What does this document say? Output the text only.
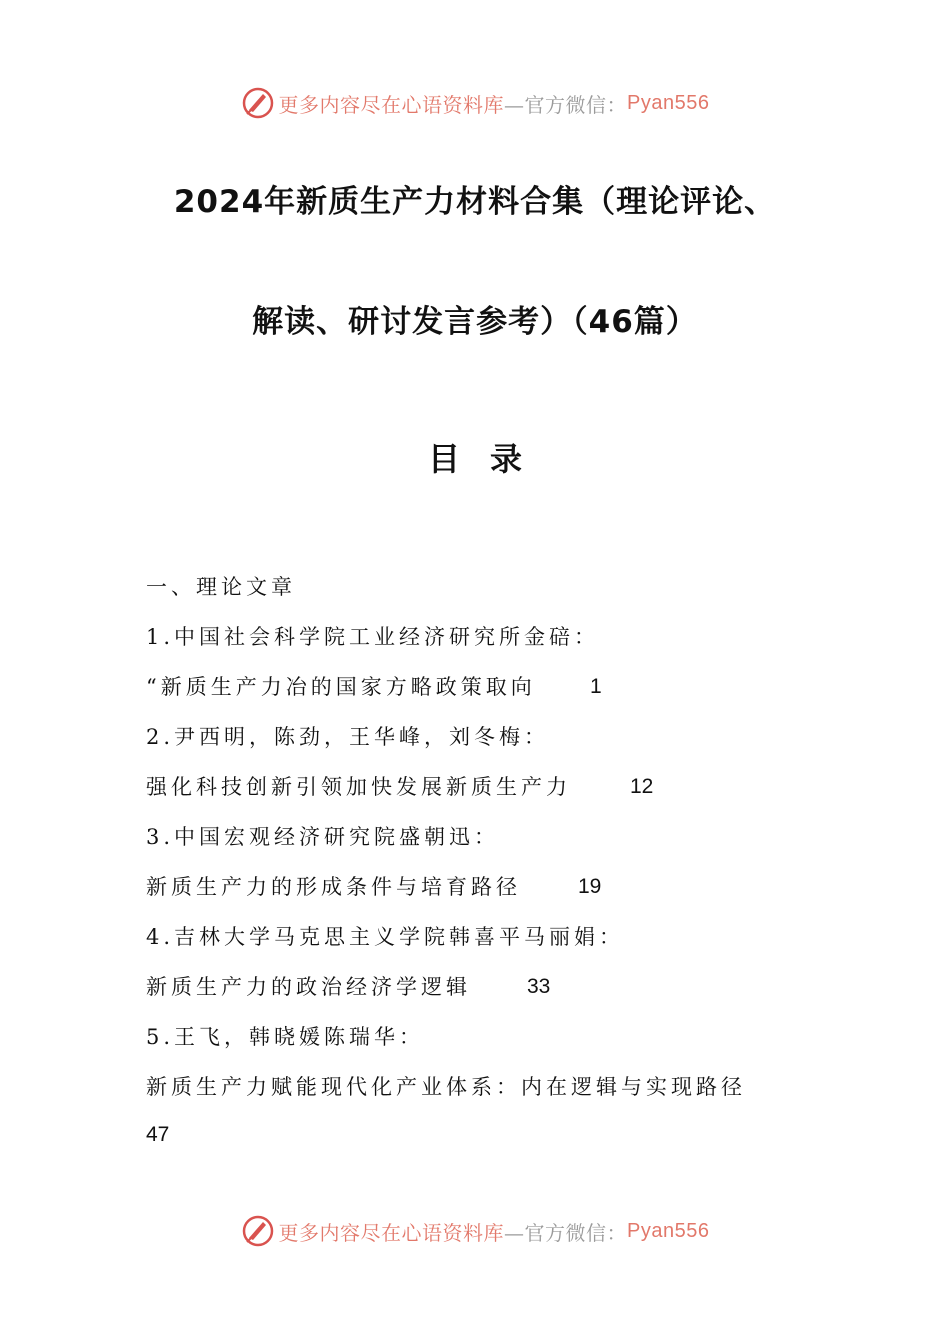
更多内容尽在心语资料库 —官方微信： Pyan556
2024年新质生产力材料合集（理论评论、
解读、研讨发言参考）（46篇）
目录
一、理论文章
1.中国社会科学院工业经济研究所金碚：
“新质生产力冶的国家方略政策取向	1
2.尹西明，陈劲，王华峰，刘冬梅：
强化科技创新引领加快发展新质生产力	12
3.中国宏观经济研究院盛朝迅：
新质生产力的形成条件与培育路径	19
4.吉林大学马克思主义学院韩喜平马丽娟：
新质生产力的政治经济学逻辑	33
5.王飞，韩晓媛陈瑞华：
新质生产力赋能现代化产业体系：内在逻辑与实现路径
47
更多内容尽在心语资料库 —官方微信： Pyan556
